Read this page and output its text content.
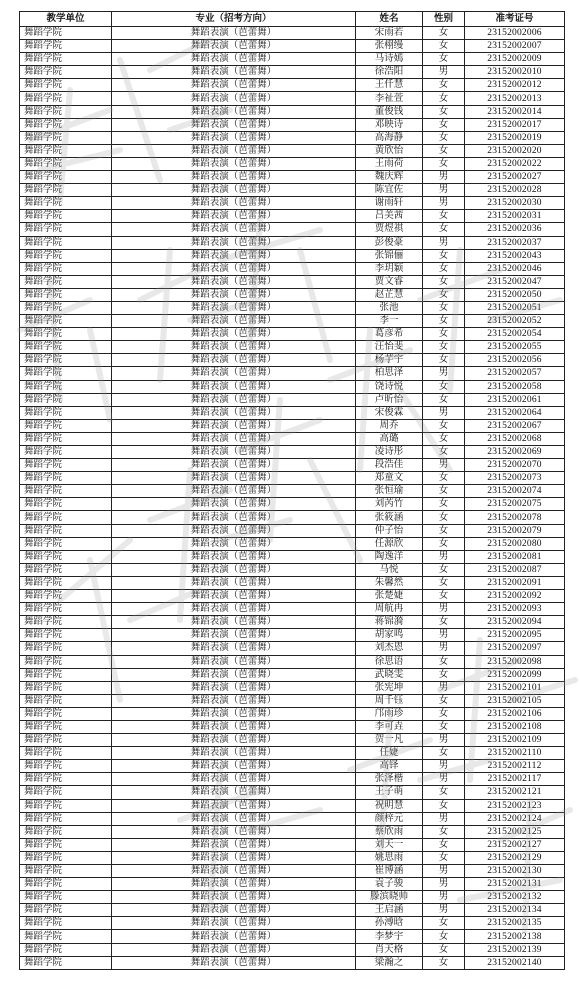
教学单位	专业（招考方向）	姓名	性别	准考证号
舞蹈学院	舞蹈表演（芭蕾舞）	宋雨若	女	23152002006
舞蹈学院	舞蹈表演（芭蕾舞）	张栩缦	女	23152002007
舞蹈学院	舞蹈表演（芭蕾舞）	马诗嫣	女	23152002009
舞蹈学院	舞蹈表演（芭蕾舞）	徐浩阳	男	23152002010
舞蹈学院	舞蹈表演（芭蕾舞）	王仟慧	女	23152002012
舞蹈学院	舞蹈表演（芭蕾舞）	李祉萱	女	23152002013
舞蹈学院	舞蹈表演（芭蕾舞）	董俊钱	女	23152002014
舞蹈学院	舞蹈表演（芭蕾舞）	邓映诗	女	23152002017
舞蹈学院	舞蹈表演（芭蕾舞）	高海静	女	23152002019
舞蹈学院	舞蹈表演（芭蕾舞）	黄欣怡	女	23152002020
舞蹈学院	舞蹈表演（芭蕾舞）	王雨荷	女	23152002022
舞蹈学院	舞蹈表演（芭蕾舞）	魏庆辉	男	23152002027
舞蹈学院	舞蹈表演（芭蕾舞）	陈宜佐	男	23152002028
舞蹈学院	舞蹈表演（芭蕾舞）	谢雨轩	男	23152002030
舞蹈学院	舞蹈表演（芭蕾舞）	吕美茜	女	23152002031
舞蹈学院	舞蹈表演（芭蕾舞）	贾煜祺	女	23152002036
舞蹈学院	舞蹈表演（芭蕾舞）	彭俊豪	男	23152002037
舞蹈学院	舞蹈表演（芭蕾舞）	张锦俪	女	23152002043
舞蹈学院	舞蹈表演（芭蕾舞）	李玥颖	女	23152002046
舞蹈学院	舞蹈表演（芭蕾舞）	贾文睿	女	23152002047
舞蹈学院	舞蹈表演（芭蕾舞）	赵芷慧	女	23152002050
舞蹈学院	舞蹈表演（芭蕾舞）	张池	女	23152002051
舞蹈学院	舞蹈表演（芭蕾舞）	李一	女	23152002052
舞蹈学院	舞蹈表演（芭蕾舞）	葛彦希	女	23152002054
舞蹈学院	舞蹈表演（芭蕾舞）	汪怡斐	女	23152002055
舞蹈学院	舞蹈表演（芭蕾舞）	杨芋宇	女	23152002056
舞蹈学院	舞蹈表演（芭蕾舞）	柏思泽	男	23152002057
舞蹈学院	舞蹈表演（芭蕾舞）	饶诗悦	女	23152002058
舞蹈学院	舞蹈表演（芭蕾舞）	卢昕怡	女	23152002061
舞蹈学院	舞蹈表演（芭蕾舞）	宋俊霖	男	23152002064
舞蹈学院	舞蹈表演（芭蕾舞）	周乔	女	23152002067
舞蹈学院	舞蹈表演（芭蕾舞）	高璐	女	23152002068
舞蹈学院	舞蹈表演（芭蕾舞）	凌诗彤	女	23152002069
舞蹈学院	舞蹈表演（芭蕾舞）	段浩佳	男	23152002070
舞蹈学院	舞蹈表演（芭蕾舞）	郑童文	女	23152002073
舞蹈学院	舞蹈表演（芭蕾舞）	张恒瑜	女	23152002074
舞蹈学院	舞蹈表演（芭蕾舞）	刘芮竹	女	23152002075
舞蹈学院	舞蹈表演（芭蕾舞）	张筱涵	女	23152002078
舞蹈学院	舞蹈表演（芭蕾舞）	仲子怡	女	23152002079
舞蹈学院	舞蹈表演（芭蕾舞）	任源欣	女	23152002080
舞蹈学院	舞蹈表演（芭蕾舞）	陶逸洋	男	23152002081
舞蹈学院	舞蹈表演（芭蕾舞）	马悦	女	23152002087
舞蹈学院	舞蹈表演（芭蕾舞）	朱馨然	女	23152002091
舞蹈学院	舞蹈表演（芭蕾舞）	张楚婕	女	23152002092
舞蹈学院	舞蹈表演（芭蕾舞）	周航冉	男	23152002093
舞蹈学院	舞蹈表演（芭蕾舞）	蒋锦漪	女	23152002094
舞蹈学院	舞蹈表演（芭蕾舞）	胡家鸣	男	23152002095
舞蹈学院	舞蹈表演（芭蕾舞）	刘杰恩	男	23152002097
舞蹈学院	舞蹈表演（芭蕾舞）	徐思语	女	23152002098
舞蹈学院	舞蹈表演（芭蕾舞）	武晓雯	女	23152002099
舞蹈学院	舞蹈表演（芭蕾舞）	张宪坤	男	23152002101
舞蹈学院	舞蹈表演（芭蕾舞）	周千钰	女	23152002105
舞蹈学院	舞蹈表演（芭蕾舞）	邝雨珍	女	23152002106
舞蹈学院	舞蹈表演（芭蕾舞）	李可垚	女	23152002108
舞蹈学院	舞蹈表演（芭蕾舞）	贺一凡	男	23152002109
舞蹈学院	舞蹈表演（芭蕾舞）	任婕	女	23152002110
舞蹈学院	舞蹈表演（芭蕾舞）	高铎	男	23152002112
舞蹈学院	舞蹈表演（芭蕾舞）	张泽楷	男	23152002117
舞蹈学院	舞蹈表演（芭蕾舞）	王子萌	女	23152002121
舞蹈学院	舞蹈表演（芭蕾舞）	祝明慧	女	23152002123
舞蹈学院	舞蹈表演（芭蕾舞）	颜梓元	男	23152002124
舞蹈学院	舞蹈表演（芭蕾舞）	蔡欣雨	女	23152002125
舞蹈学院	舞蹈表演（芭蕾舞）	刘天一	女	23152002127
舞蹈学院	舞蹈表演（芭蕾舞）	姚思雨	女	23152002129
舞蹈学院	舞蹈表演（芭蕾舞）	崔博涵	男	23152002130
舞蹈学院	舞蹈表演（芭蕾舞）	袁子骏	男	23152002131
舞蹈学院	舞蹈表演（芭蕾舞）	滕滨晓帅	男	23152002132
舞蹈学院	舞蹈表演（芭蕾舞）	王启涵	男	23152002134
舞蹈学院	舞蹈表演（芭蕾舞）	孙溥晗	女	23152002135
舞蹈学院	舞蹈表演（芭蕾舞）	李梦宇	女	23152002138
舞蹈学院	舞蹈表演（芭蕾舞）	肖天格	女	23152002139
舞蹈学院	舞蹈表演（芭蕾舞）	梁瀚之	女	23152002140
